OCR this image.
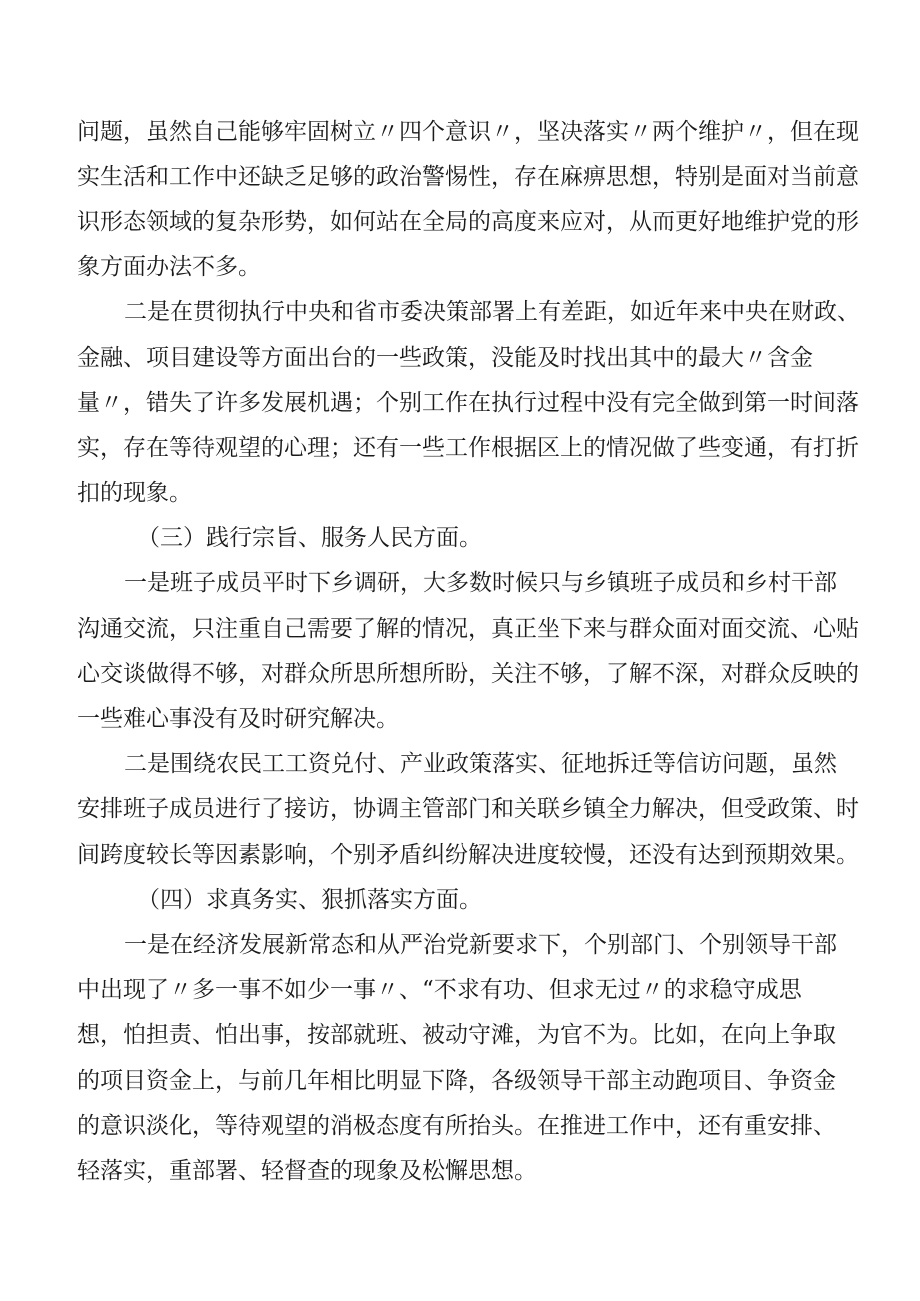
问题，虽然自己能够牢固树立〃四个意识〃，坚决落实〃两个维护〃，但在现
实生活和工作中还缺乏足够的政治警惕性，存在麻痹思想，特别是面对当前意
识形态领域的复杂形势，如何站在全局的高度来应对，从而更好地维护党的形
象方面办法不多。
二是在贯彻执行中央和省市委决策部署上有差距，如近年来中央在财政、
金融、项目建设等方面出台的一些政策，没能及时找出其中的最大〃含金
量〃，错失了许多发展机遇；个别工作在执行过程中没有完全做到第一时间落
实，存在等待观望的心理；还有一些工作根据区上的情况做了些变通，有打折
扣的现象。
（三）践行宗旨、服务人民方面。
一是班子成员平时下乡调研，大多数时候只与乡镇班子成员和乡村干部
沟通交流，只注重自己需要了解的情况，真正坐下来与群众面对面交流、心贴
心交谈做得不够，对群众所思所想所盼，关注不够，了解不深，对群众反映的
一些难心事没有及时研究解决。
二是围绕农民工工资兑付、产业政策落实、征地拆迁等信访问题，虽然
安排班子成员进行了接访，协调主管部门和关联乡镇全力解决，但受政策、时
间跨度较长等因素影响，个别矛盾纠纷解决进度较慢，还没有达到预期效果。
（四）求真务实、狠抓落实方面。
一是在经济发展新常态和从严治党新要求下，个别部门、个别领导干部
中出现了〃多一事不如少一事〃、“不求有功、但求无过〃的求稳守成思
想，怕担责、怕出事，按部就班、被动守滩，为官不为。比如，在向上争取
的项目资金上，与前几年相比明显下降，各级领导干部主动跑项目、争资金
的意识淡化，等待观望的消极态度有所抬头。在推进工作中，还有重安排、
轻落实，重部署、轻督查的现象及松懈思想。
